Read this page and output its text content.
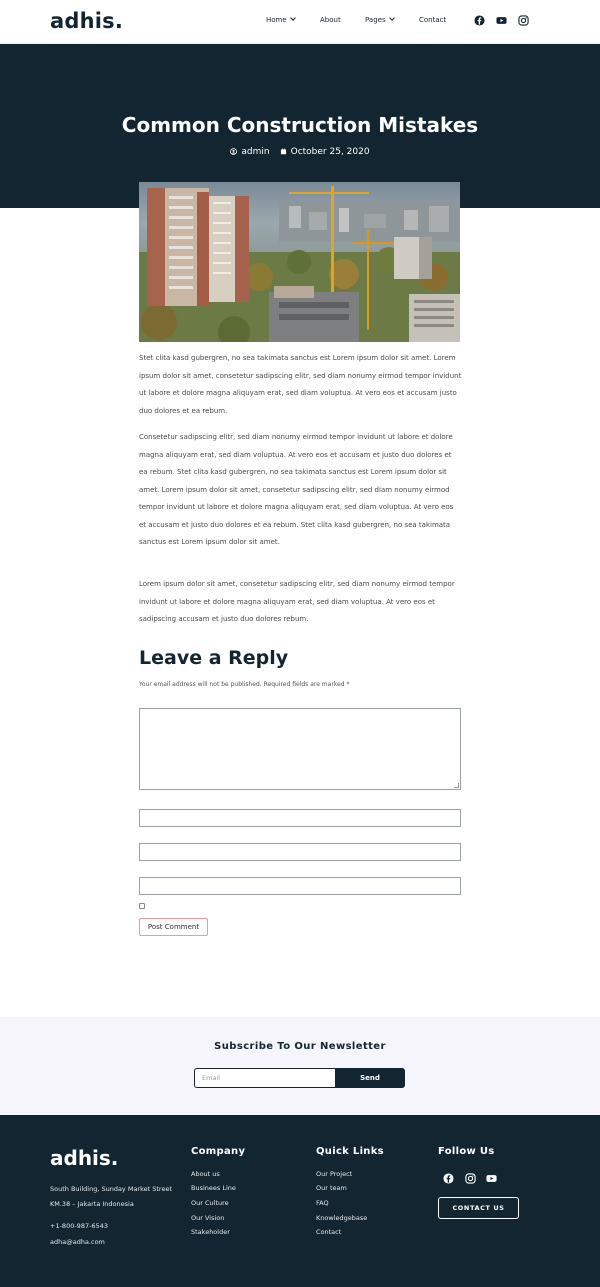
adhis.	Home	About	Pages	Contact
Common Construction Mistakes
admin October 25, 2020

Stet clita kasd gubergren, no sea takimata sanctus est Lorem ipsum dolor sit amet. Lorem ipsum dolor sit amet, consetetur sadipscing elitr, sed diam nonumy eirmod tempor invidunt ut labore et dolore magna aliquyam erat, sed diam voluptua. At vero eos et accusam justo duo dolores et ea rebum.

Consetetur sadipscing elitr, sed diam nonumy eirmod tempor invidunt ut labore et dolore magna aliquyam erat, sed diam voluptua. At vero eos et accusam et justo duo dolores et ea rebum. Stet clita kasd gubergren, no sea takimata sanctus est Lorem ipsum dolor sit amet. Lorem ipsum dolor sit amet, consetetur sadipscing elitr, sed diam nonumy eirmod tempor invidunt ut labore et dolore magna aliquyam erat, sed diam voluptua. At vero eos et accusam et justo duo dolores et ea rebum. Stet clita kasd gubergren, no sea takimata sanctus est Lorem ipsum dolor sit amet.

Lorem ipsum dolor sit amet, consetetur sadipscing elitr, sed diam nonumy eirmod tempor invidunt ut labore et dolore magna aliquyam erat, sed diam voluptua. At vero eos et sadipscing accusam et justo duo dolores rebum.

Leave a Reply
Your email address will not be published. Required fields are marked *
Post Comment
Subscribe To Our Newsletter
Email	Send
adhis.
South Building, Sunday Market Street
KM.38 – Jakarta Indonesia
+1-800-987-6543
adha@adha.com
Company
About us
Businees Line
Our Culture
Our Vision
Stakeholder
Quick Links
Our Project
Our team
FAQ
Knowledgebase
Contact
Follow Us
CONTACT US
